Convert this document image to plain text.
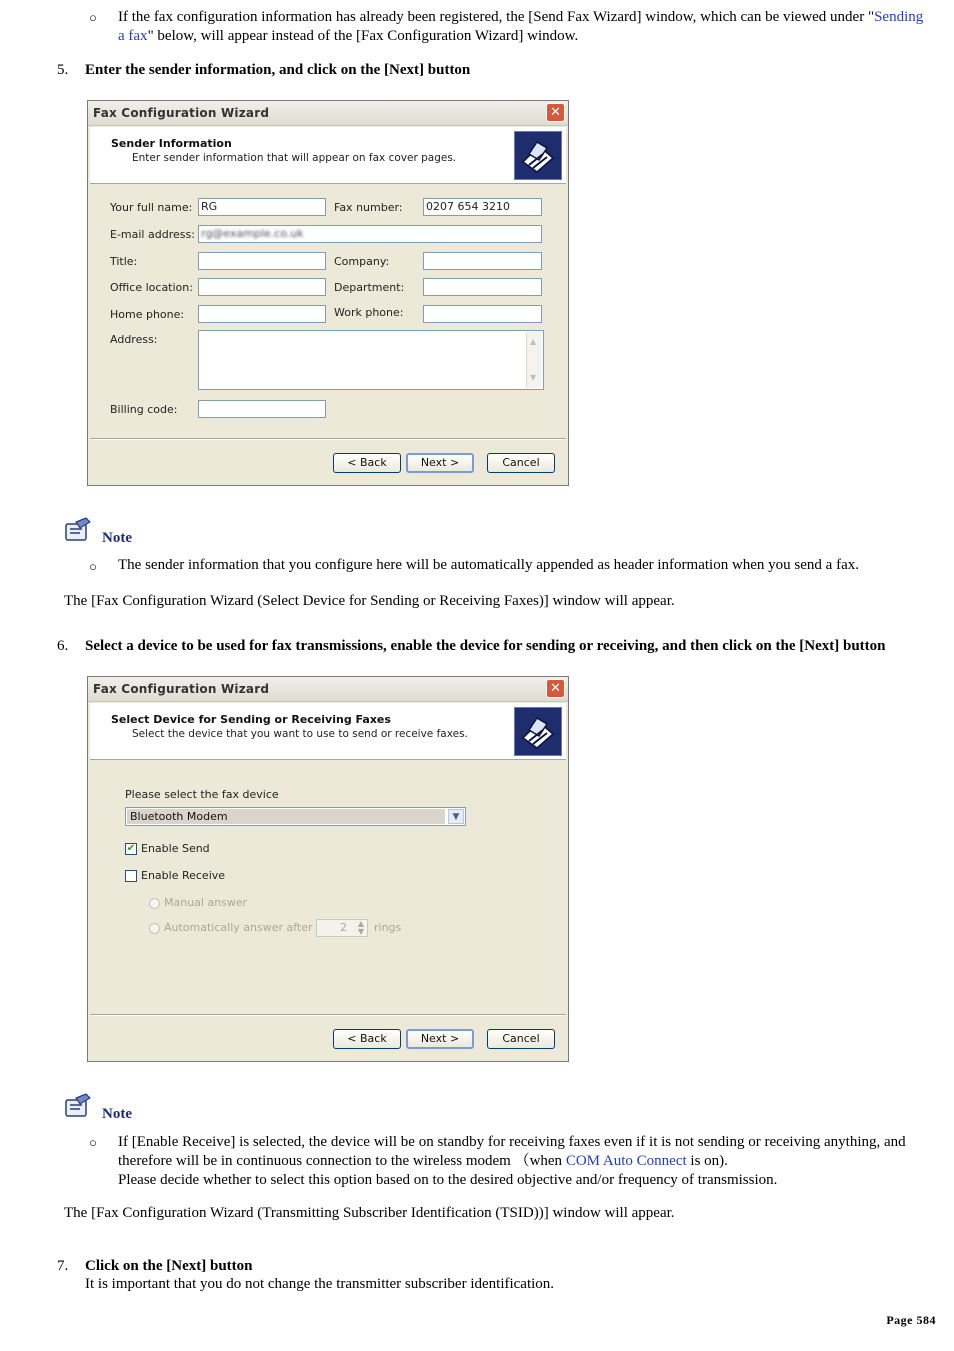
○ If the fax configuration information has already been registered, the [Send Fax Wizard] window, which can be viewed under "Sending a fax" below, will appear instead of the [Fax Configuration Wizard] window.
5. Enter the sender information, and click on the [Next] button
Fax Configuration Wizard	✕
Sender Information
Enter sender information that will appear on fax cover pages.
Your full name: RG	Fax number: 0207 654 3210
E-mail address: rg@example.co.uk
Title:	Company:
Office location:	Department:
Home phone:	Work phone:
Address:	▲
▼
Billing code:
< Back	Next >	Cancel
Note
○ The sender information that you configure here will be automatically appended as header information when you send a fax.
The [Fax Configuration Wizard (Select Device for Sending or Receiving Faxes)] window will appear.
6. Select a device to be used for fax transmissions, enable the device for sending or receiving, and then click on the [Next] button
Fax Configuration Wizard	✕
Select Device for Sending or Receiving Faxes
Select the device that you want to use to send or receive faxes.
Please select the fax device
Bluetooth Modem	▼
✔ Enable Send
Enable Receive
Manual answer
Automatically answer after 2 ▲
▼ rings
< Back	Next >	Cancel
Note
○ If [Enable Receive] is selected, the device will be on standby for receiving faxes even if it is not sending or receiving anything, and therefore will be in continuous connection to the wireless modem （when COM Auto Connect is on).
Please decide whether to select this option based on to the desired objective and/or frequency of transmission.
The [Fax Configuration Wizard (Transmitting Subscriber Identification (TSID))] window will appear.
7. Click on the [Next] button
It is important that you do not change the transmitter subscriber identification.
Page 584
